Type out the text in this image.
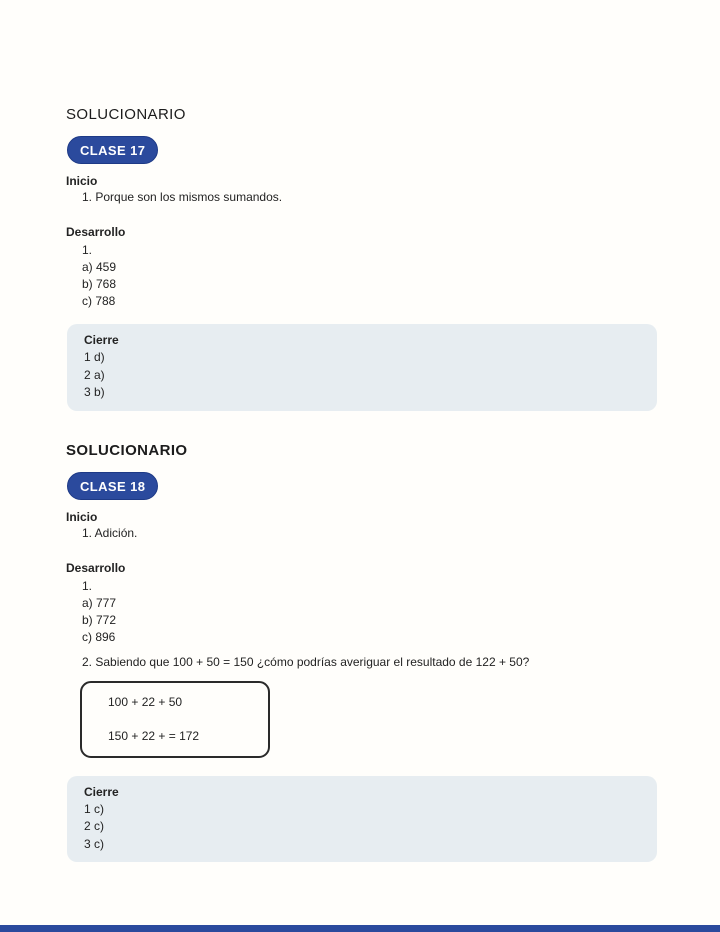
SOLUCIONARIO
CLASE 17

Inicio

1. Porque son los mismos sumandos.

Desarrollo

1.

a) 459

b) 768

c) 788

Cierre

1 d)

2 a)

3 b)

SOLUCIONARIO
CLASE 18

Inicio

1. Adición.

Desarrollo

1.

a) 777

b) 772

c) 896

2. Sabiendo que 100 + 50 = 150 ¿cómo podrías averiguar el resultado de 122 + 50?

100 + 22 + 50

150 + 22 + = 172

Cierre

1 c)

2 c)

3 c)
